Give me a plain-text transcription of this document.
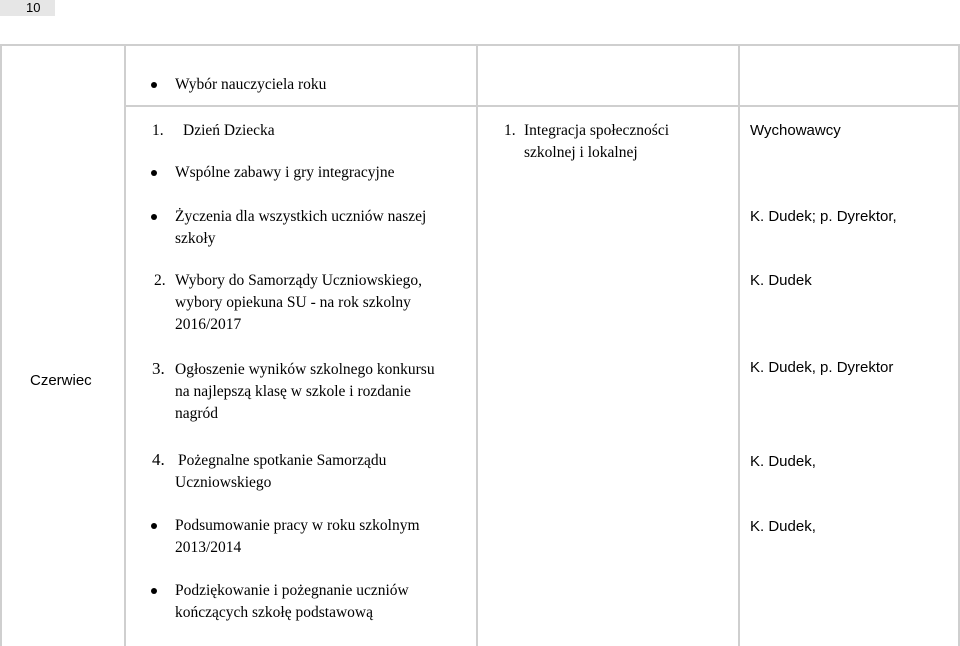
10
Czerwiec
Wybór nauczyciela roku
1. Dzień Dziecka
Wspólne zabawy i gry integracyjne
Życzenia dla wszystkich uczniów naszej
szkoły
2. Wybory do Samorządy Uczniowskiego,
wybory opiekuna SU - na rok szkolny
2016/2017
3. Ogłoszenie wyników szkolnego konkursu
na najlepszą klasę w szkole i rozdanie
nagród
4. Pożegnalne spotkanie Samorządu
Uczniowskiego
Podsumowanie pracy w roku szkolnym
2013/2014
Podziękowanie i pożegnanie uczniów
kończących szkołę podstawową
1. Integracja społeczności
szkolnej i lokalnej
Wychowawcy
K. Dudek; p. Dyrektor,
K. Dudek
K. Dudek, p. Dyrektor
K. Dudek,
K. Dudek,
